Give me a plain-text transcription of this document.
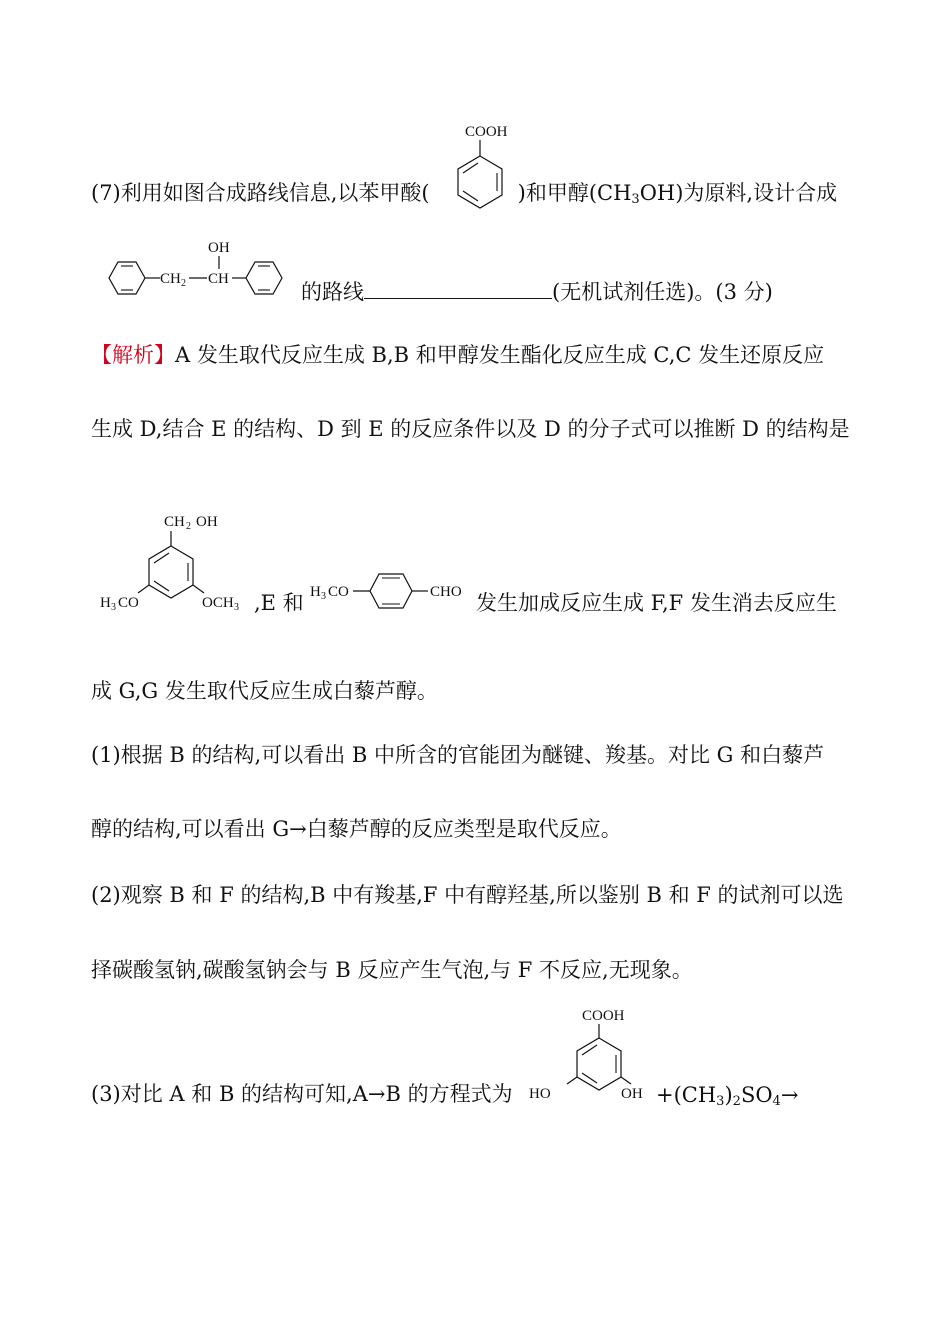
(7)利用如图合成路线信息,以苯甲酸(	)和甲醇$(CH_3OH)$为原料,设计合成
COOH
CH 2 CH
OH
的路线	(无机试剂任选)。(3 分)
【解析】A 发生取代反应生成 B,B 和甲醇发生酯化反应生成 C,C 发生还原反应
生成 D,结合 E 的结构、D 到 E 的反应条件以及 D 的分子式可以推断 D 的结构是
CH 2 OH
H 3 CO	OCH 3 ,E 和 H 3 CO	CHO 发生加成反应生成 F,F 发生消去反应生
成 G,G 发生取代反应生成白藜芦醇。
(1)根据 B 的结构,可以看出 B 中所含的官能团为醚键、羧基。对比 G 和白藜芦
醇的结构,可以看出 G→白藜芦醇的反应类型是取代反应。
(2)观察 B 和 F 的结构,B 中有羧基,F 中有醇羟基,所以鉴别 B 和 F 的试剂可以选
择碳酸氢钠,碳酸氢钠会与 B 反应产生气泡,与 F 不反应,无现象。
(3)对比 A 和 B 的结构可知,A→B 的方程式为
COOH
HO	OH $+(CH_3)_2SO_4\to$
